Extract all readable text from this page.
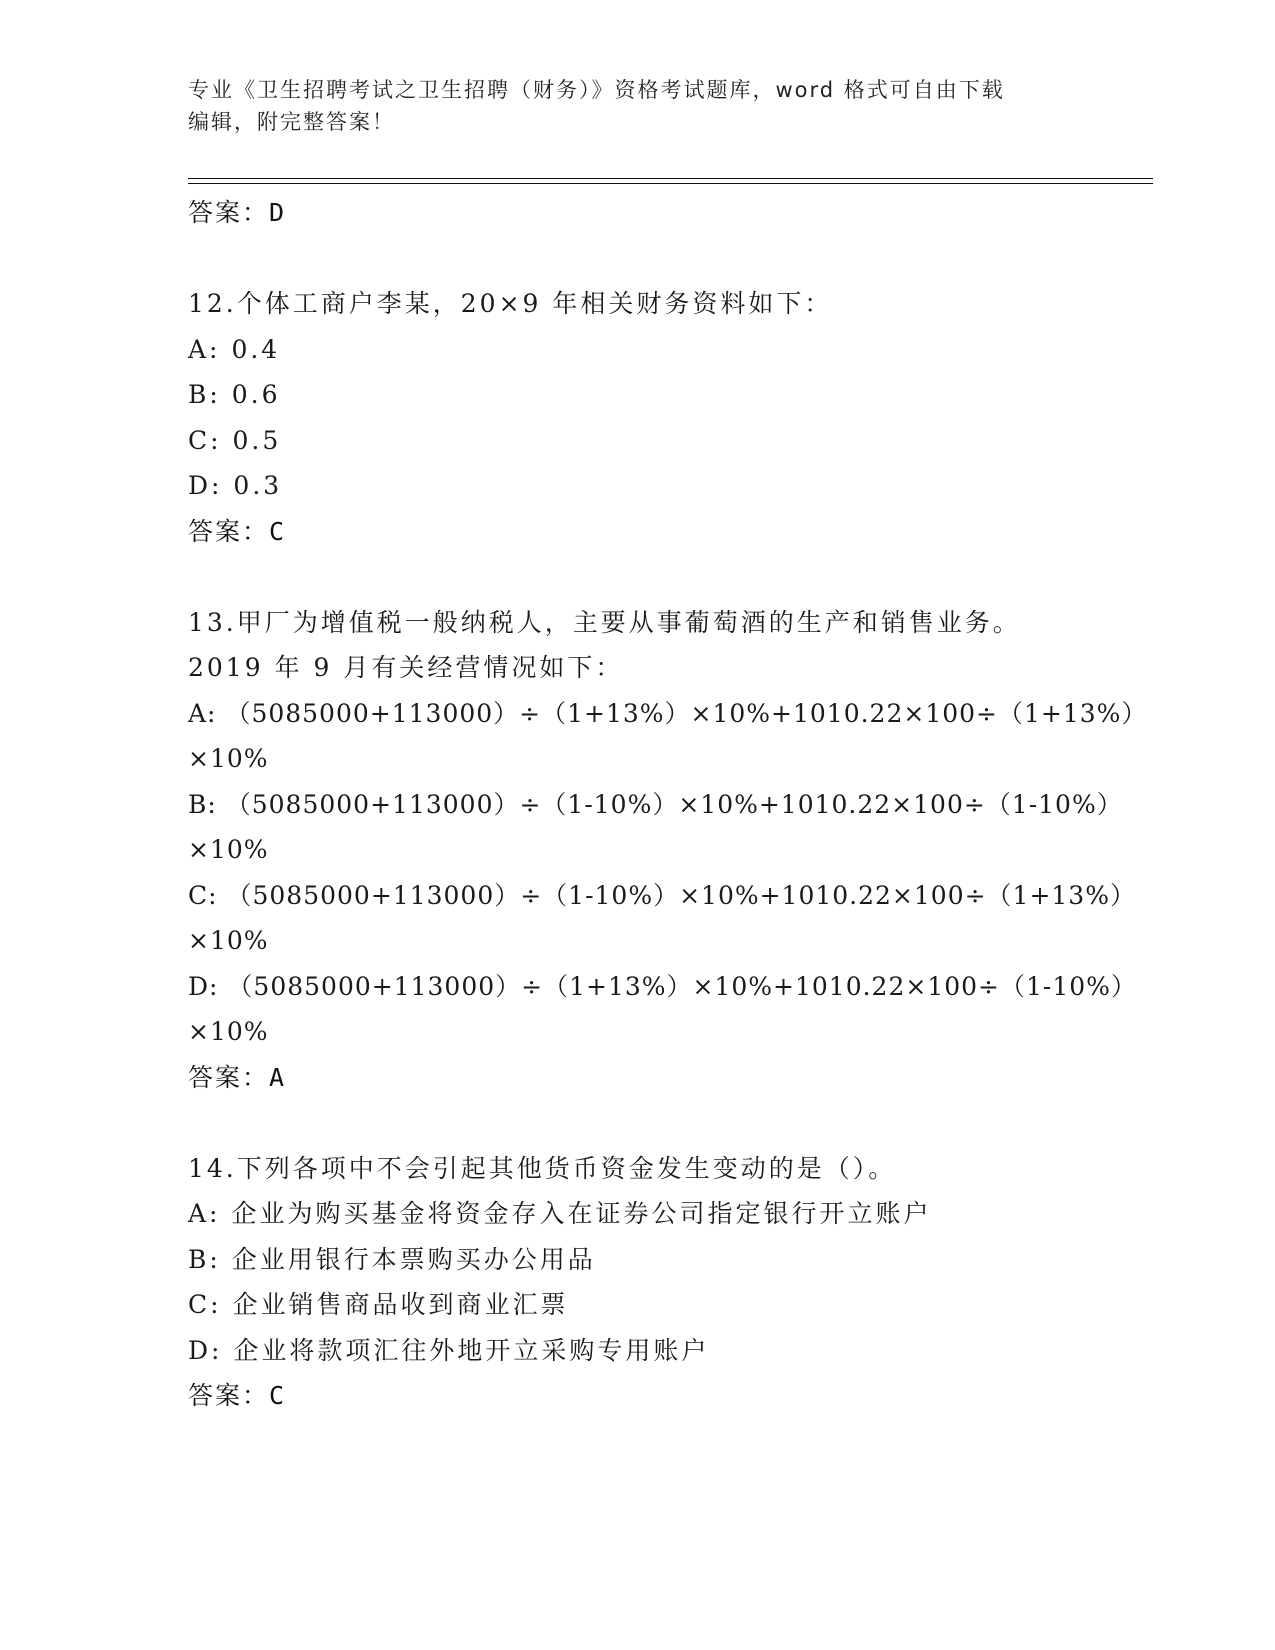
专业《卫生招聘考试之卫生招聘（财务）》资格考试题库，word 格式可自由下载
编辑，附完整答案！
答案：D
12.个体工商户李某，20×9 年相关财务资料如下：
A: 0.4
B: 0.6
C: 0.5
D: 0.3
答案：C
13.甲厂为增值税一般纳税人，主要从事葡萄酒的生产和销售业务。
2019 年 9 月有关经营情况如下：
A: （5085000+113000）÷（1+13%）×10%+1010.22×100÷（1+13%）
×10%
B: （5085000+113000）÷（1-10%）×10%+1010.22×100÷（1-10%）
×10%
C: （5085000+113000）÷（1-10%）×10%+1010.22×100÷（1+13%）
×10%
D: （5085000+113000）÷（1+13%）×10%+1010.22×100÷（1-10%）
×10%
答案：A
14.下列各项中不会引起其他货币资金发生变动的是（）。
A: 企业为购买基金将资金存入在证券公司指定银行开立账户
B: 企业用银行本票购买办公用品
C: 企业销售商品收到商业汇票
D: 企业将款项汇往外地开立采购专用账户
答案：C
